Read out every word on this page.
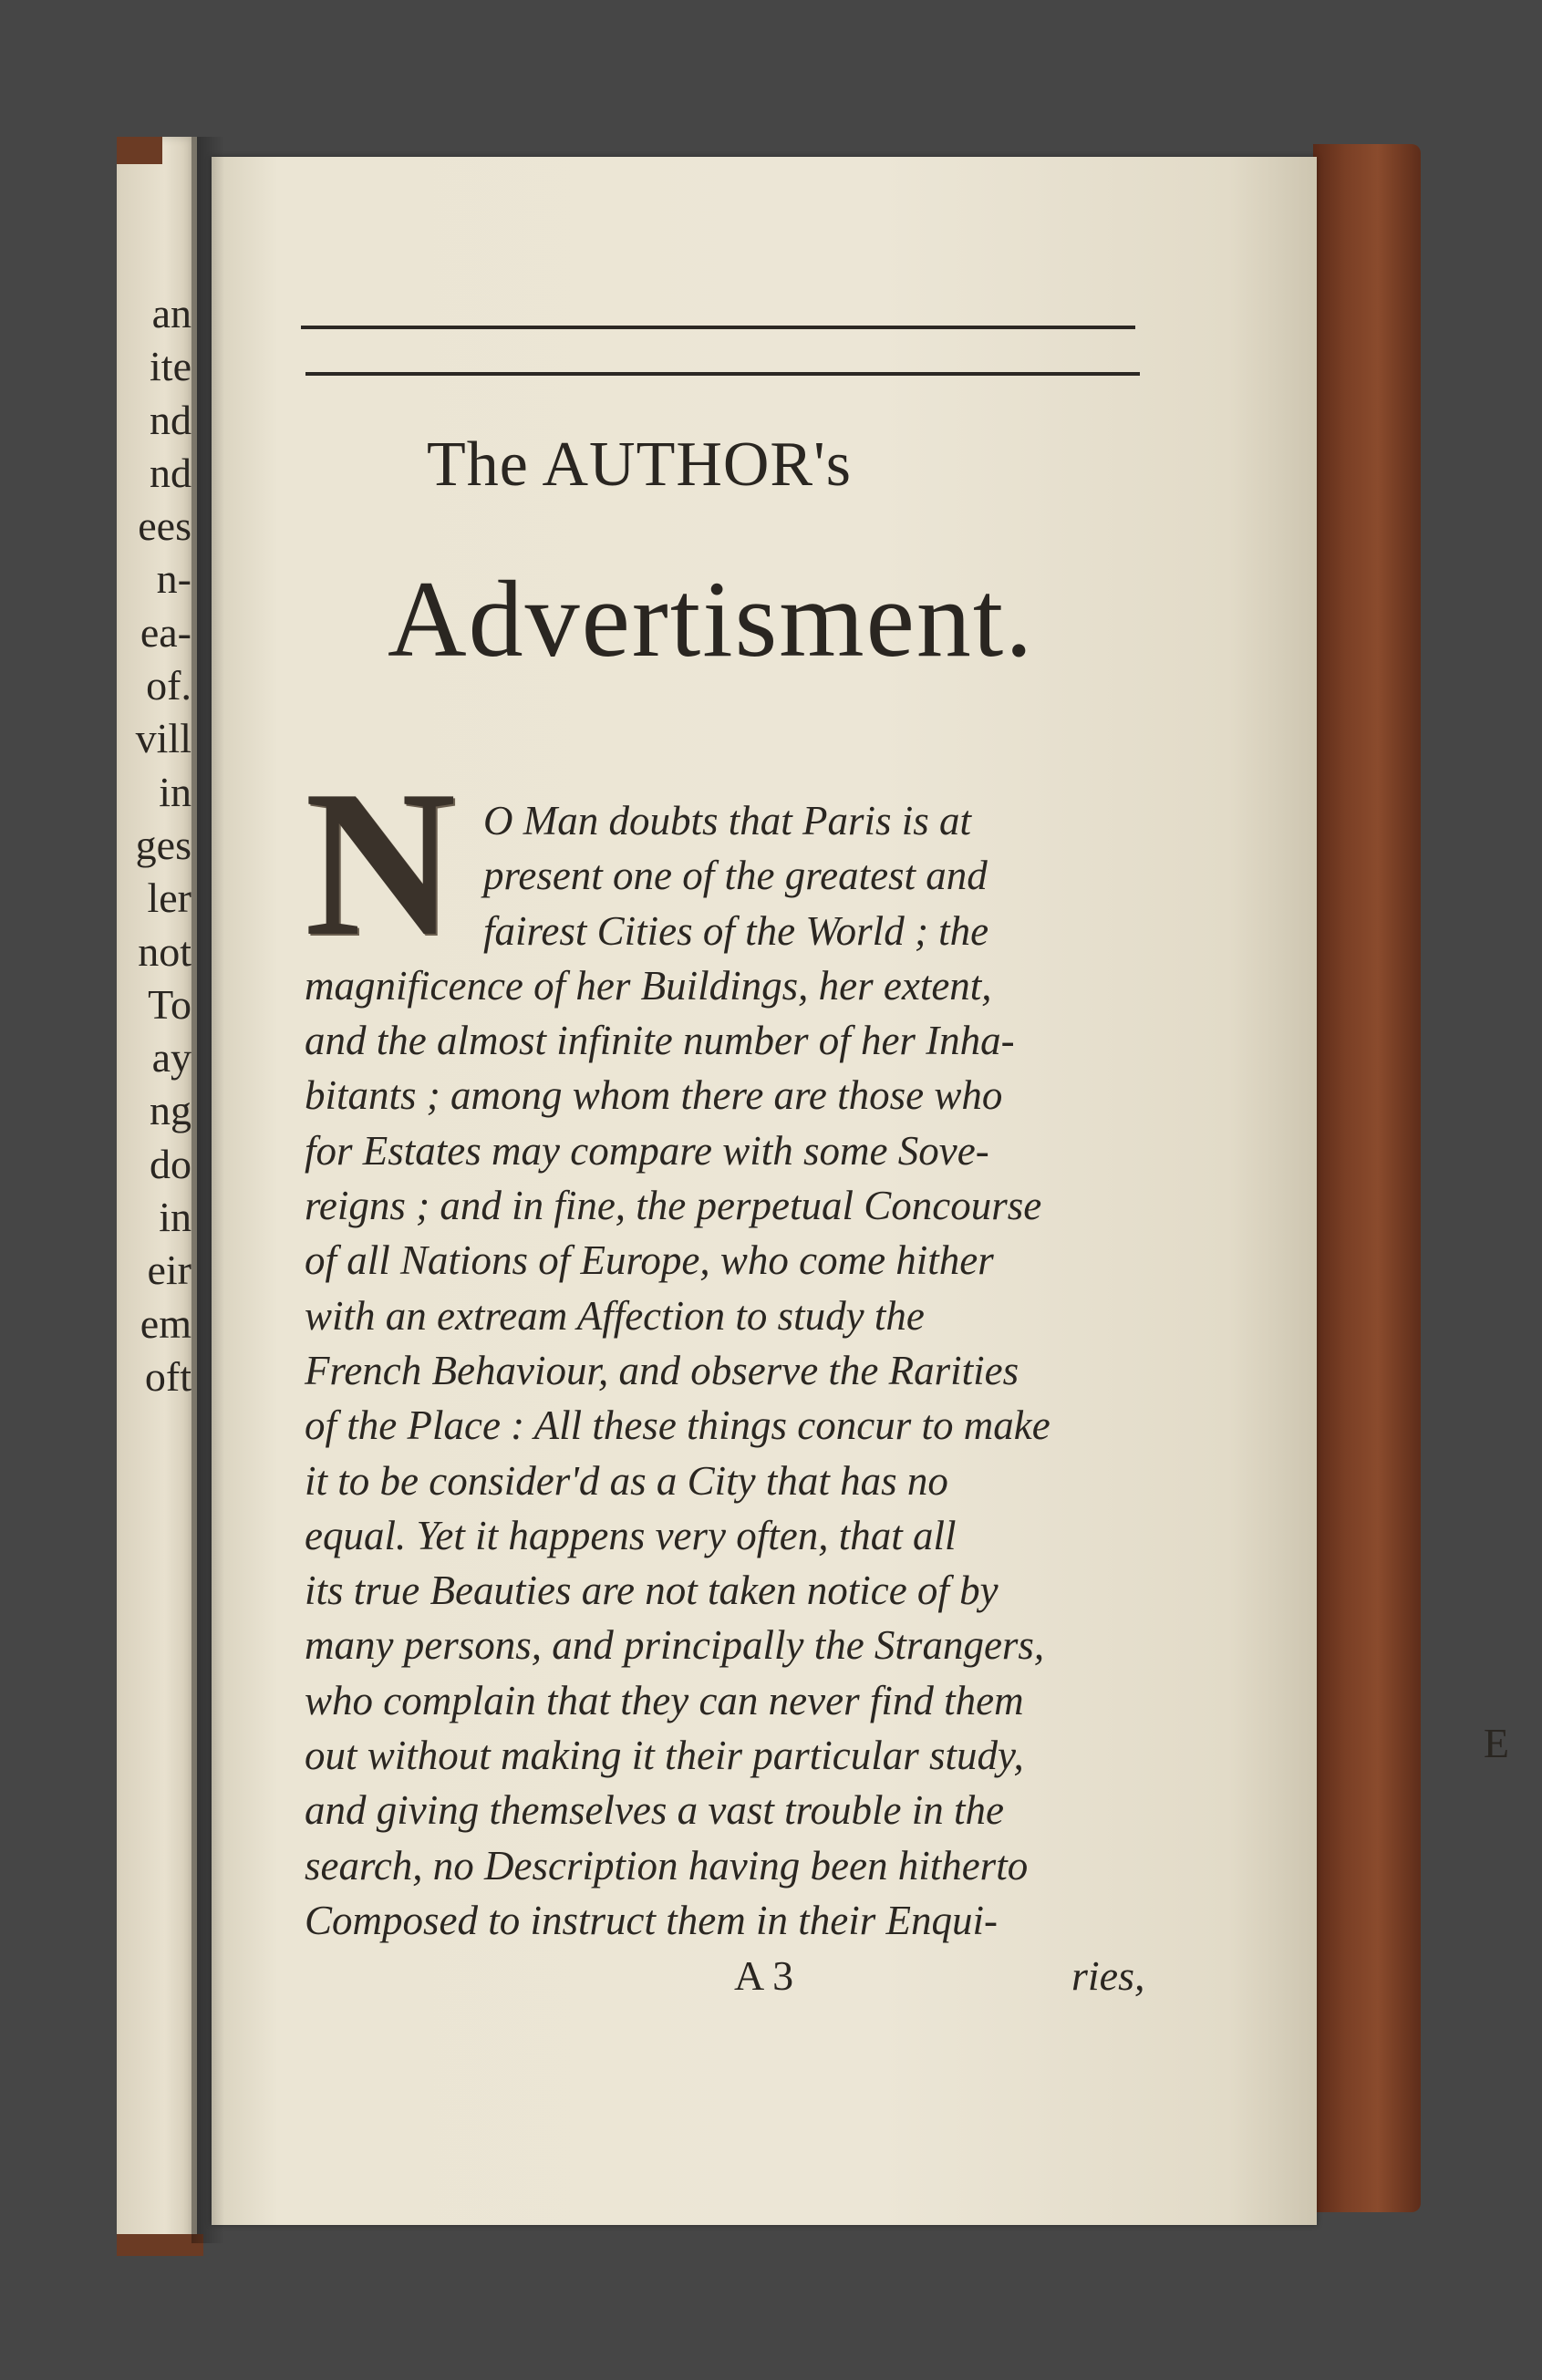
an
ite
nd
nd
ees
n-
ea-
of.
vill
in
ges
ler
not
To
ay
ng
do
in
eir
em
oft
E
The AUTHOR's
Advertisment.
N O Man doubts that Paris is at
present one of the greatest and
fairest Cities of the World ; the
magnificence of her Buildings, her extent,
and the almost infinite number of her Inha-
bitants ; among whom there are those who
for Estates may compare with some Sove-
reigns ; and in fine, the perpetual Concourse
of all Nations of Europe, who come hither
with an extream Affection to study the
French Behaviour, and observe the Rarities
of the Place : All these things concur to make
it to be consider'd as a City that has no
equal. Yet it happens very often, that all
its true Beauties are not taken notice of by
many persons, and principally the Strangers,
who complain that they can never find them
out without making it their particular study,
and giving themselves a vast trouble in the
search, no Description having been hitherto
Composed to instruct them in their Enqui-
A 3	ries,
